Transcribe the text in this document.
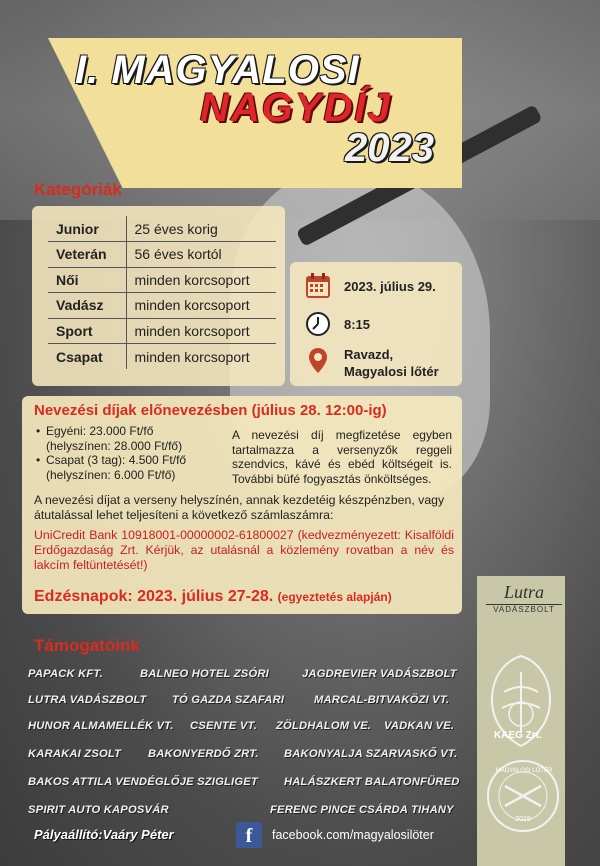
I. MAGYALOSI
NAGYDÍJ
2023
Kategóriák
Junior	25 éves korig
Veterán	56 éves kortól
Női	minden korcsoport
Vadász	minden korcsoport
Sport	minden korcsoport
Csapat	minden korcsoport
2023. július 29.
8:15
Ravazd,
Magyalosi lőtér
Nevezési díjak előnevezésben (július 28. 12:00-ig)
• Egyéni: 23.000 Ft/fő
(helyszínen: 28.000 Ft/fő)
• Csapat (3 tag): 4.500 Ft/fő
(helyszínen: 6.000 Ft/fő)
A nevezési díj megfizetése egyben tartalmazza a versenyzők reggeli szendvics, kávé és ebéd költségeit is. További büfé fogyasztás önköltséges.
A nevezési díjat a verseny helyszínén, annak kezdetéig készpénzben, vagy átutalással lehet teljesíteni a következő számlaszámra:
UniCredit Bank 10918001-00000002-61800027 (kedvezményezett: Kisalföldi Erdőgazdaság Zrt. Kérjük, az utalásnál a közlemény rovatban a név és lakcím feltüntetését!)
Edzésnapok: 2023. július 27-28. (egyeztetés alapján)
Támogatóink
PAPACK KFT.	BALNEO HOTEL ZSÓRI	JAGDREVIER VADÁSZBOLT
LUTRA VADÁSZBOLT TÓ GAZDA SZAFARI	MARCAL-BITVAKÖZI VT.
HUNOR ALMAMELLÉK VT. CSENTE VT. ZÖLDHALOM VE. VADKAN VE.
KARAKAI ZSOLT BAKONYERDŐ ZRT. BAKONYALJA SZARVASKŐ VT.
BAKOS ATTILA VENDÉGLŐJE SZIGLIGET HALÁSZKERT BALATONFÜRED
SPIRIT AUTO KAPOSVÁR	FERENC PINCE CSÁRDA TIHANY
Pályaállító:Vaáry Péter	f	facebook.com/magyalosilöter
Lutra
VADÁSZBOLT
KAEG Zrt.
MAGYALOSI LŐTÉR
2015
